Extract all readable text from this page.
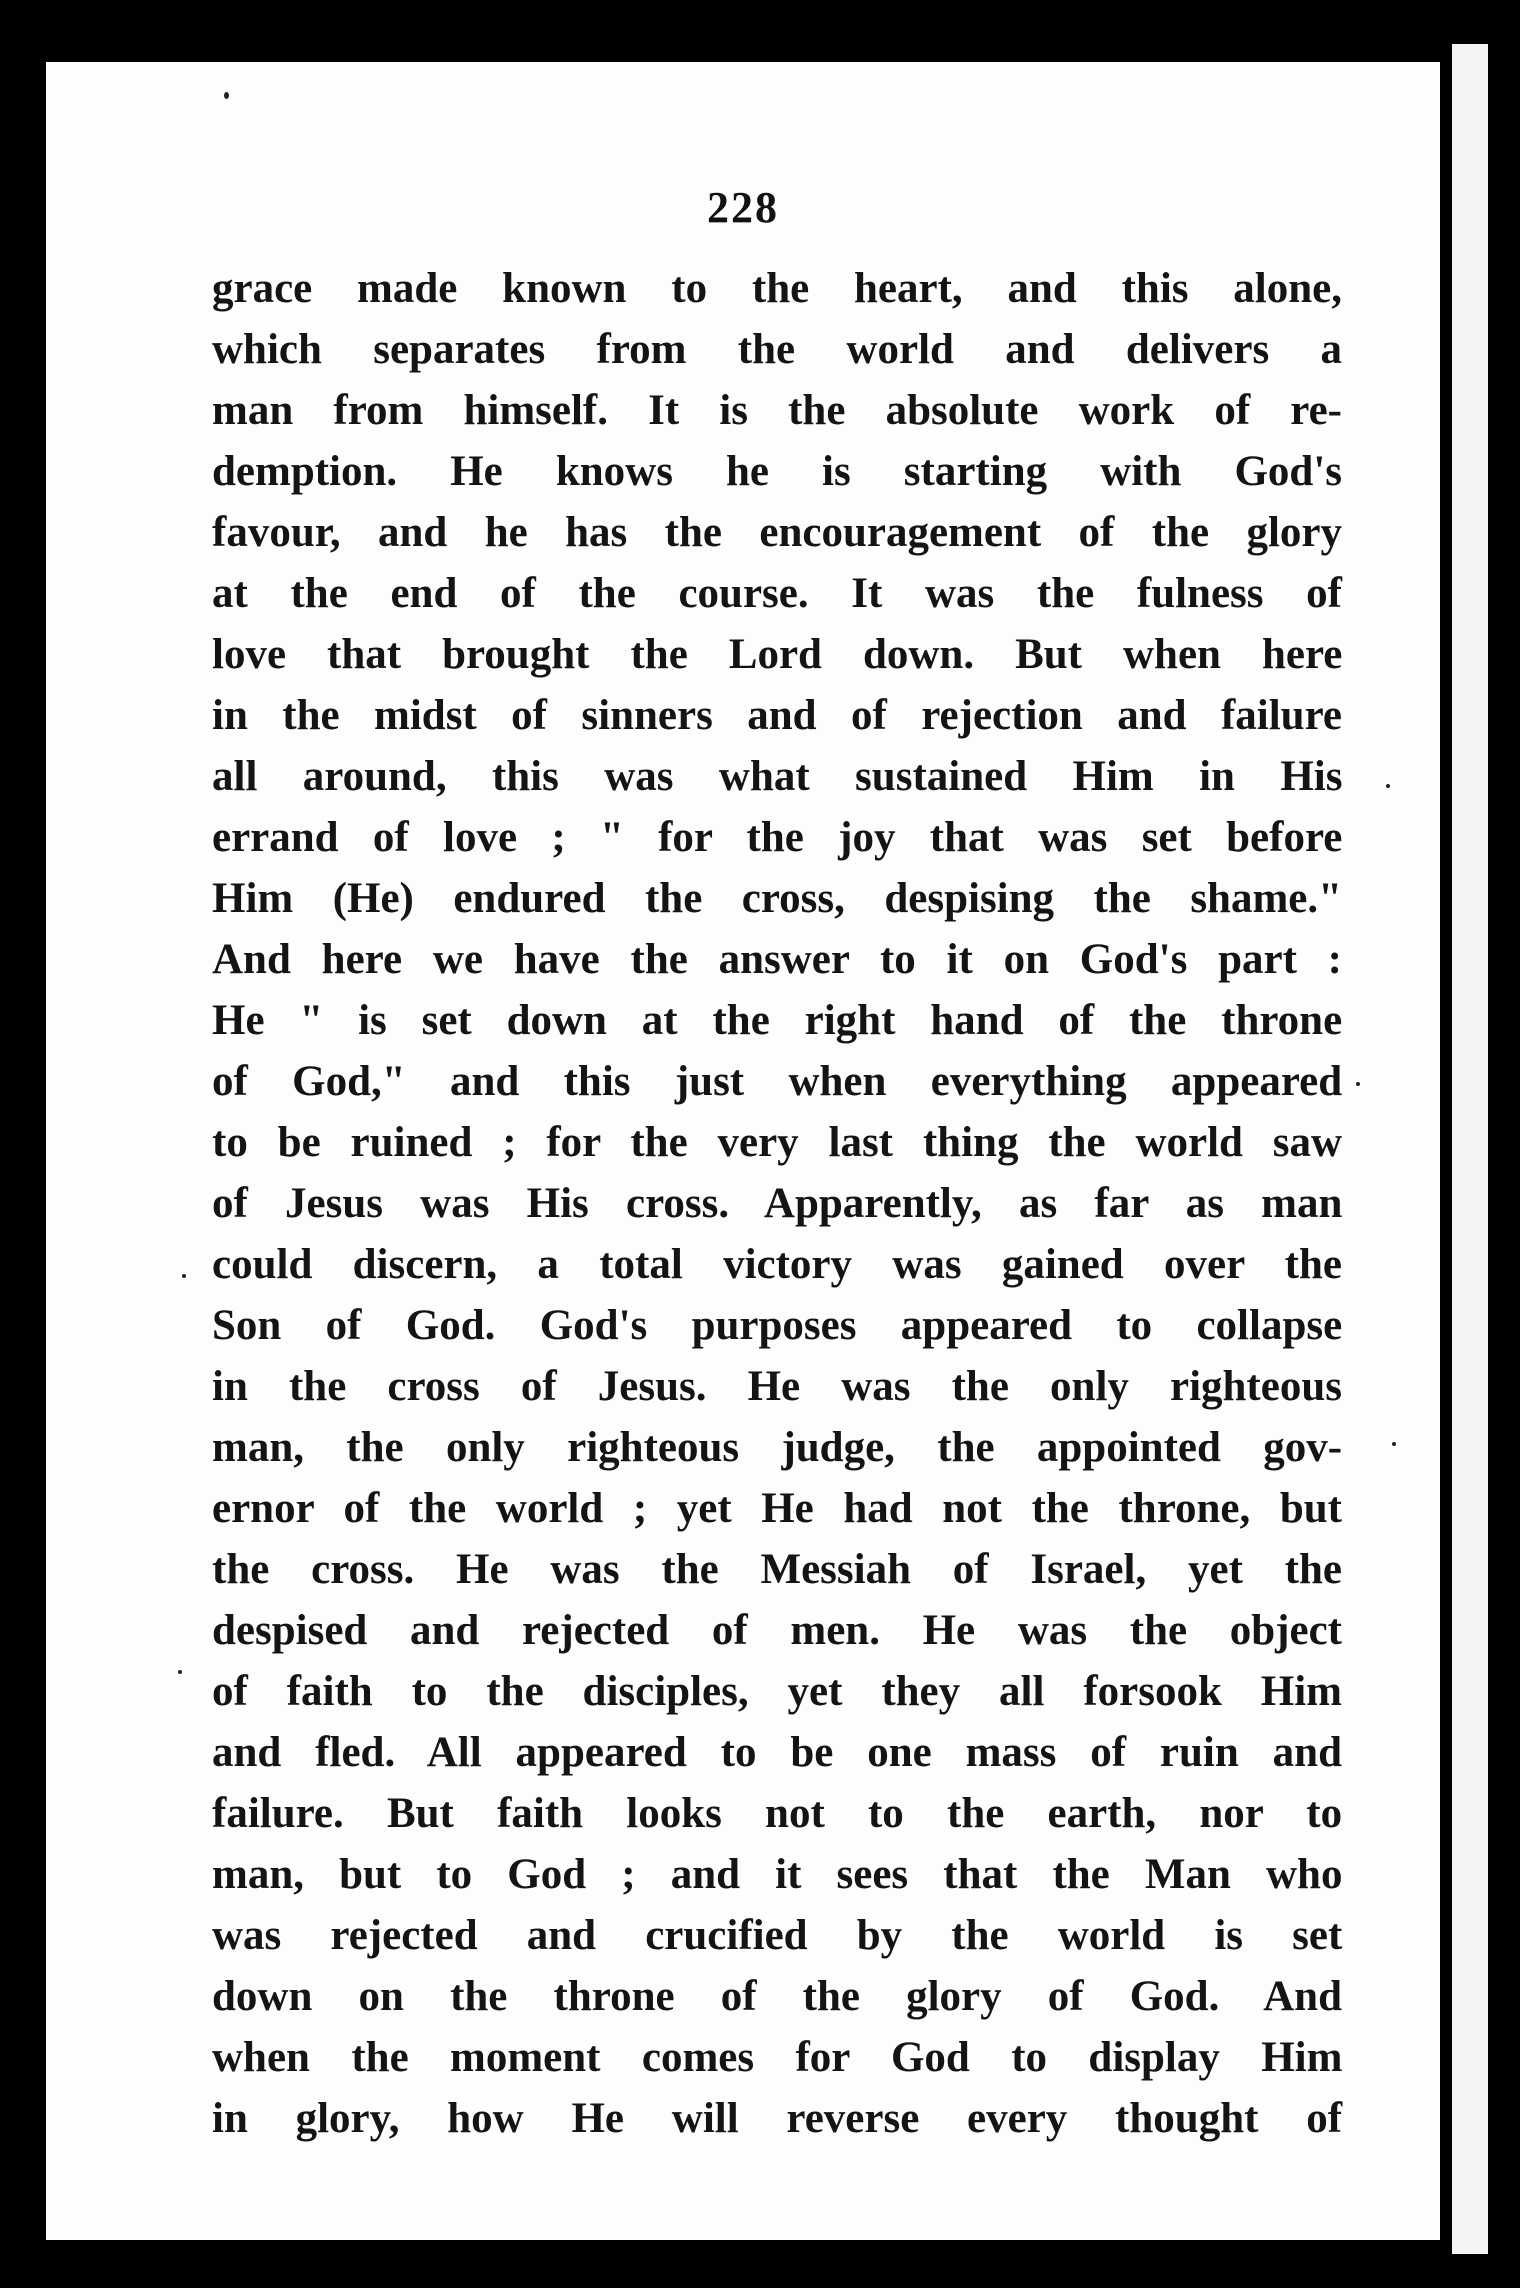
228
grace made known to the heart, and this alone,
which separates from the world and delivers a
man from himself. It is the absolute work of re-
demption. He knows he is starting with God's
favour, and he has the encouragement of the glory
at the end of the course. It was the fulness of
love that brought the Lord down. But when here
in the midst of sinners and of rejection and failure
all around, this was what sustained Him in His
errand of love ; " for the joy that was set before
Him (He) endured the cross, despising the shame."
And here we have the answer to it on God's part :
He " is set down at the right hand of the throne
of God," and this just when everything appeared
to be ruined ; for the very last thing the world saw
of Jesus was His cross. Apparently, as far as man
could discern, a total victory was gained over the
Son of God. God's purposes appeared to collapse
in the cross of Jesus. He was the only righteous
man, the only righteous judge, the appointed gov-
ernor of the world ; yet He had not the throne, but
the cross. He was the Messiah of Israel, yet the
despised and rejected of men. He was the object
of faith to the disciples, yet they all forsook Him
and fled. All appeared to be one mass of ruin and
failure. But faith looks not to the earth, nor to
man, but to God ; and it sees that the Man who
was rejected and crucified by the world is set
down on the throne of the glory of God. And
when the moment comes for God to display Him
in glory, how He will reverse every thought of
